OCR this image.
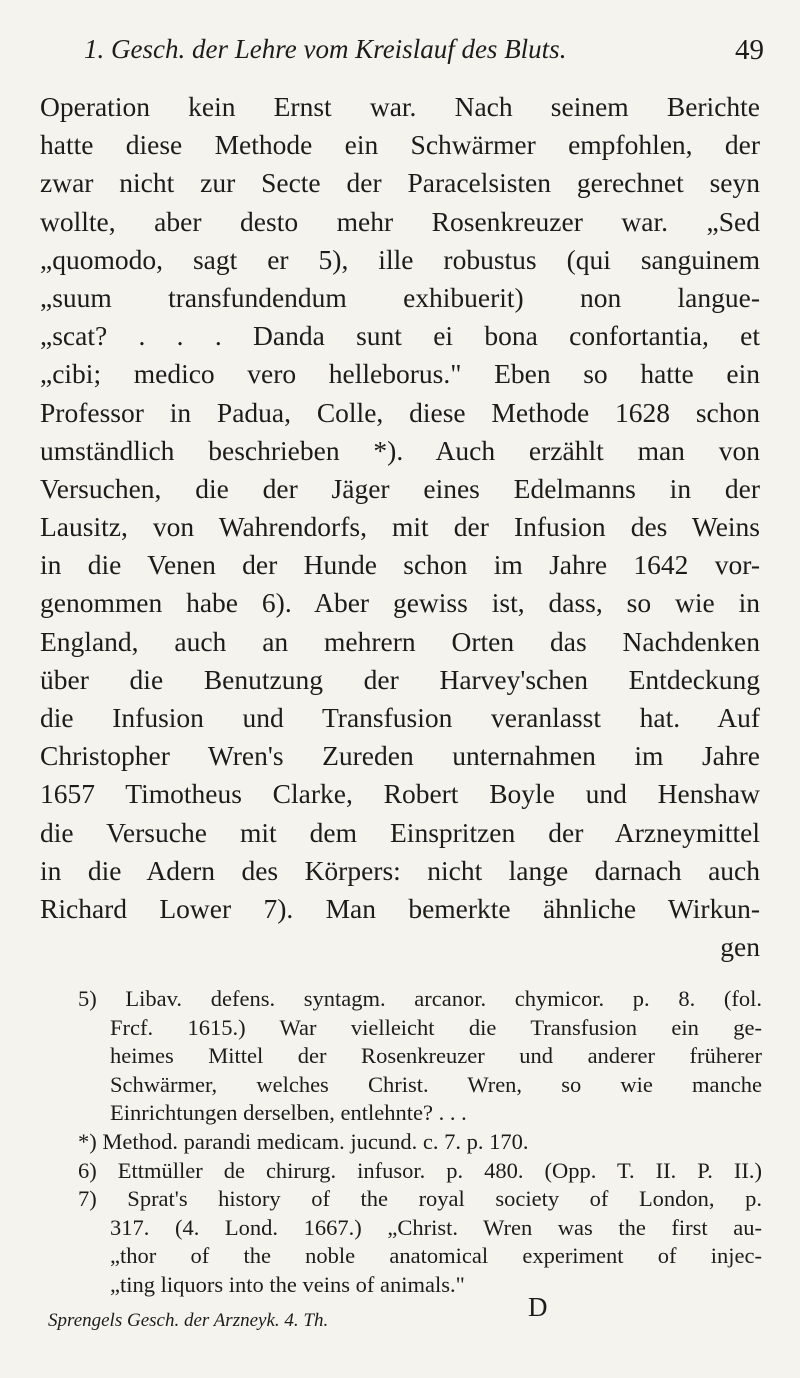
1. Gesch. der Lehre vom Kreislauf des Bluts.	49
Operation kein Ernst war. Nach seinem Berichte
hatte diese Methode ein Schwärmer empfohlen, der
zwar nicht zur Secte der Paracelsisten gerechnet seyn
wollte, aber desto mehr Rosenkreuzer war. „Sed
„quomodo, sagt er 5), ille robustus (qui sanguinem
„suum transfundendum exhibuerit) non langue-
„scat? . . . Danda sunt ei bona confortantia, et
„cibi; medico vero helleborus." Eben so hatte ein
Professor in Padua, Colle, diese Methode 1628 schon
umständlich beschrieben *). Auch erzählt man von
Versuchen, die der Jäger eines Edelmanns in der
Lausitz, von Wahrendorfs, mit der Infusion des Weins
in die Venen der Hunde schon im Jahre 1642 vor-
genommen habe 6). Aber gewiss ist, dass, so wie in
England, auch an mehrern Orten das Nachdenken
über die Benutzung der Harvey'schen Entdeckung
die Infusion und Transfusion veranlasst hat. Auf
Christopher Wren's Zureden unternahmen im Jahre
1657 Timotheus Clarke, Robert Boyle und Henshaw
die Versuche mit dem Einspritzen der Arzneymittel
in die Adern des Körpers: nicht lange darnach auch
Richard Lower 7). Man bemerkte ähnliche Wirkun-
gen
5) Libav. defens. syntagm. arcanor. chymicor. p. 8. (fol.
Frcf. 1615.) War vielleicht die Transfusion ein ge-
heimes Mittel der Rosenkreuzer und anderer früherer
Schwärmer, welches Christ. Wren, so wie manche
Einrichtungen derselben, entlehnte? . . .
*) Method. parandi medicam. jucund. c. 7. p. 170.
6) Ettmüller de chirurg. infusor. p. 480. (Opp. T. II. P. II.)
7) Sprat's history of the royal society of London, p.
317. (4. Lond. 1667.) „Christ. Wren was the first au-
„thor of the noble anatomical experiment of injec-
„ting liquors into the veins of animals."
Sprengels Gesch. der Arzneyk. 4. Th.	D
